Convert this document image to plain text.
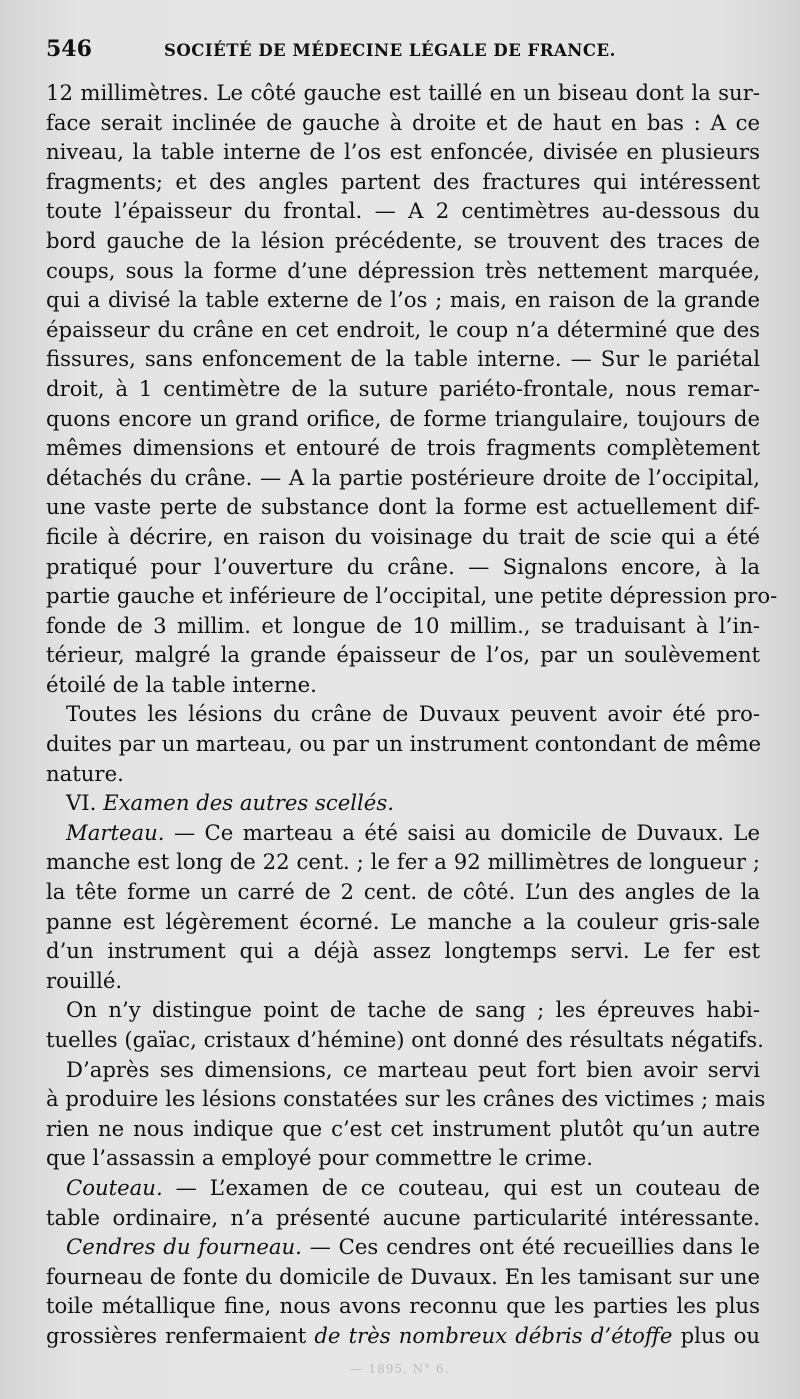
546	SOCIÉTÉ DE MÉDECINE LÉGALE DE FRANCE.
12 millimètres. Le côté gauche est taillé en un biseau dont la sur-
face serait inclinée de gauche à droite et de haut en bas : A ce
niveau, la table interne de l’os est enfoncée, divisée en plusieurs
fragments; et des angles partent des fractures qui intéressent
toute l’épaisseur du frontal. — A 2 centimètres au-dessous du
bord gauche de la lésion précédente, se trouvent des traces de
coups, sous la forme d’une dépression très nettement marquée,
qui a divisé la table externe de l’os ; mais, en raison de la grande
épaisseur du crâne en cet endroit, le coup n’a déterminé que des
fissures, sans enfoncement de la table interne. — Sur le pariétal
droit, à 1 centimètre de la suture pariéto-frontale, nous remar-
quons encore un grand orifice, de forme triangulaire, toujours de
mêmes dimensions et entouré de trois fragments complètement
détachés du crâne. — A la partie postérieure droite de l’occipital,
une vaste perte de substance dont la forme est actuellement dif-
ficile à décrire, en raison du voisinage du trait de scie qui a été
pratiqué pour l’ouverture du crâne. — Signalons encore, à la
partie gauche et inférieure de l’occipital, une petite dépression pro-
fonde de 3 millim. et longue de 10 millim., se traduisant à l’in-
térieur, malgré la grande épaisseur de l’os, par un soulèvement
étoilé de la table interne.
Toutes les lésions du crâne de Duvaux peuvent avoir été pro-
duites par un marteau, ou par un instrument contondant de même
nature.
VI. Examen des autres scellés.
Marteau. — Ce marteau a été saisi au domicile de Duvaux. Le
manche est long de 22 cent. ; le fer a 92 millimètres de longueur ;
la tête forme un carré de 2 cent. de côté. L’un des angles de la
panne est légèrement écorné. Le manche a la couleur gris-sale
d’un instrument qui a déjà assez longtemps servi. Le fer est
rouillé.
On n’y distingue point de tache de sang ; les épreuves habi-
tuelles (gaïac, cristaux d’hémine) ont donné des résultats négatifs.
D’après ses dimensions, ce marteau peut fort bien avoir servi
à produire les lésions constatées sur les crânes des victimes ; mais
rien ne nous indique que c’est cet instrument plutôt qu’un autre
que l’assassin a employé pour commettre le crime.
Couteau. — L’examen de ce couteau, qui est un couteau de
table ordinaire, n’a présenté aucune particularité intéressante.
Cendres du fourneau. — Ces cendres ont été recueillies dans le
fourneau de fonte du domicile de Duvaux. En les tamisant sur une
toile métallique fine, nous avons reconnu que les parties les plus
grossières renfermaient de très nombreux débris d’étoffe plus ou
— 1895, N° 6.
